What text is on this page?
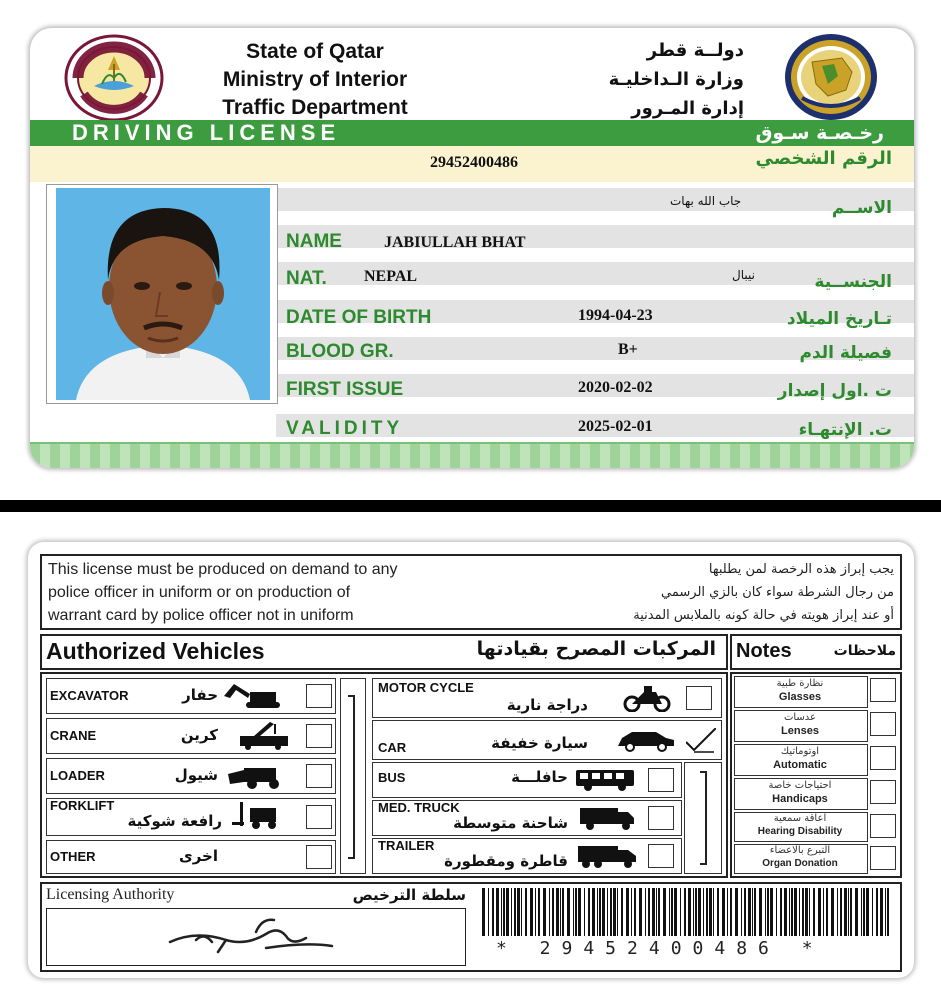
State of Qatar
Ministry of Interior
Traffic Department
دولــة قطر
وزارة الـداخليـة
إدارة المـرور
DRIVING LICENSE	رخـصـة سـوق
29452400486	الرقم الشخصي
جاب الله بهات	الاســم
NAME	JABIULLAH BHAT
NAT. NEPAL	نيبال	الجنســية
DATE OF BIRTH	1994-04-23	تـاريخ الميلاد
BLOOD GR.	B+	فصيلة الدم
FIRST ISSUE	2020-02-02	ت .اول إصدار
VALIDITY	2025-02-01	ت. الإنتهـاء
This license must be produced on demand to any
police officer in uniform or on production of
warrant card by police officer not in uniform
يجب إبراز هذه الرخصة لمن يطلبها
من رجال الشرطة سواء كان بالزي الرسمي
أو عند إبراز هويته في حالة كونه بالملابس المدنية
Authorized Vehicles	المركبات المصرح بقيادتها Notes	ملاحظات
EXCAVATOR	حفار
CRANE	كرين
LOADER	شيول
FORKLIFT
رافعة شوكية
OTHER	اخرى
MOTOR CYCLE
دراجة نارية
CAR	سيارة خفيفة
BUS	حافلـــة
MED. TRUCK
شاحنة متوسطة
TRAILER
قاطرة ومقطورة
نظارة طبية
Glasses
عدسات
Lenses
اوتوماتيك
Automatic
احتياجات خاصة
Handicaps
اعاقة سمعية
Hearing Disability
التبرع بالاعضاء
Organ Donation
Licensing Authority	سلطة الترخيص
* 29452400486 *
